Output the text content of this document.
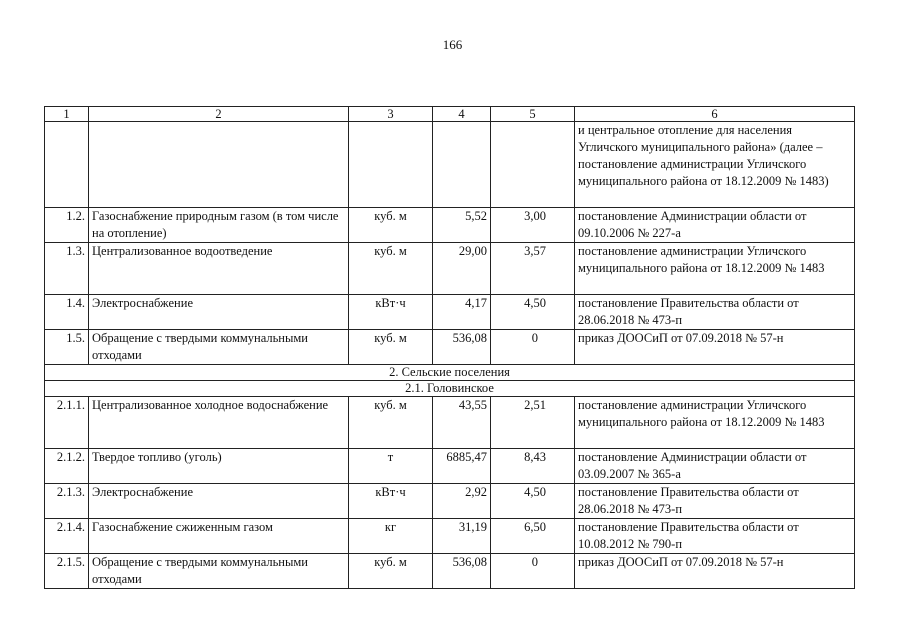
166
1	2	3	4	5	6
					и центральное отопление для населения Угличского муниципального района» (далее – постановление администрации Угличского муниципального района от 18.12.2009 № 1483)
1.2.	Газоснабжение природным газом (в том числе на отопление)	куб. м	5,52	3,00	постановление Администрации области от 09.10.2006 № 227-а
1.3.	Централизованное водоотведение	куб. м	29,00	3,57	постановление администрации Угличского муниципального района от 18.12.2009 № 1483
1.4.	Электроснабжение	кВт·ч	4,17	4,50	постановление Правительства области от 28.06.2018 № 473-п
1.5.	Обращение с твердыми коммунальными отходами	куб. м	536,08	0	приказ ДООСиП от 07.09.2018 № 57-н
2. Сельские поселения					
2.1. Головинское					
2.1.1.	Централизованное холодное водоснабжение	куб. м	43,55	2,51	постановление администрации Угличского муниципального района от 18.12.2009 № 1483
2.1.2.	Твердое топливо (уголь)	т	6885,47	8,43	постановление Администрации области от 03.09.2007 № 365-а
2.1.3.	Электроснабжение	кВт·ч	2,92	4,50	постановление Правительства области от 28.06.2018 № 473-п
2.1.4.	Газоснабжение сжиженным газом	кг	31,19	6,50	постановление Правительства области от 10.08.2012 № 790-п
2.1.5.	Обращение с твердыми коммунальными отходами	куб. м	536,08	0	приказ ДООСиП от 07.09.2018 № 57-н
